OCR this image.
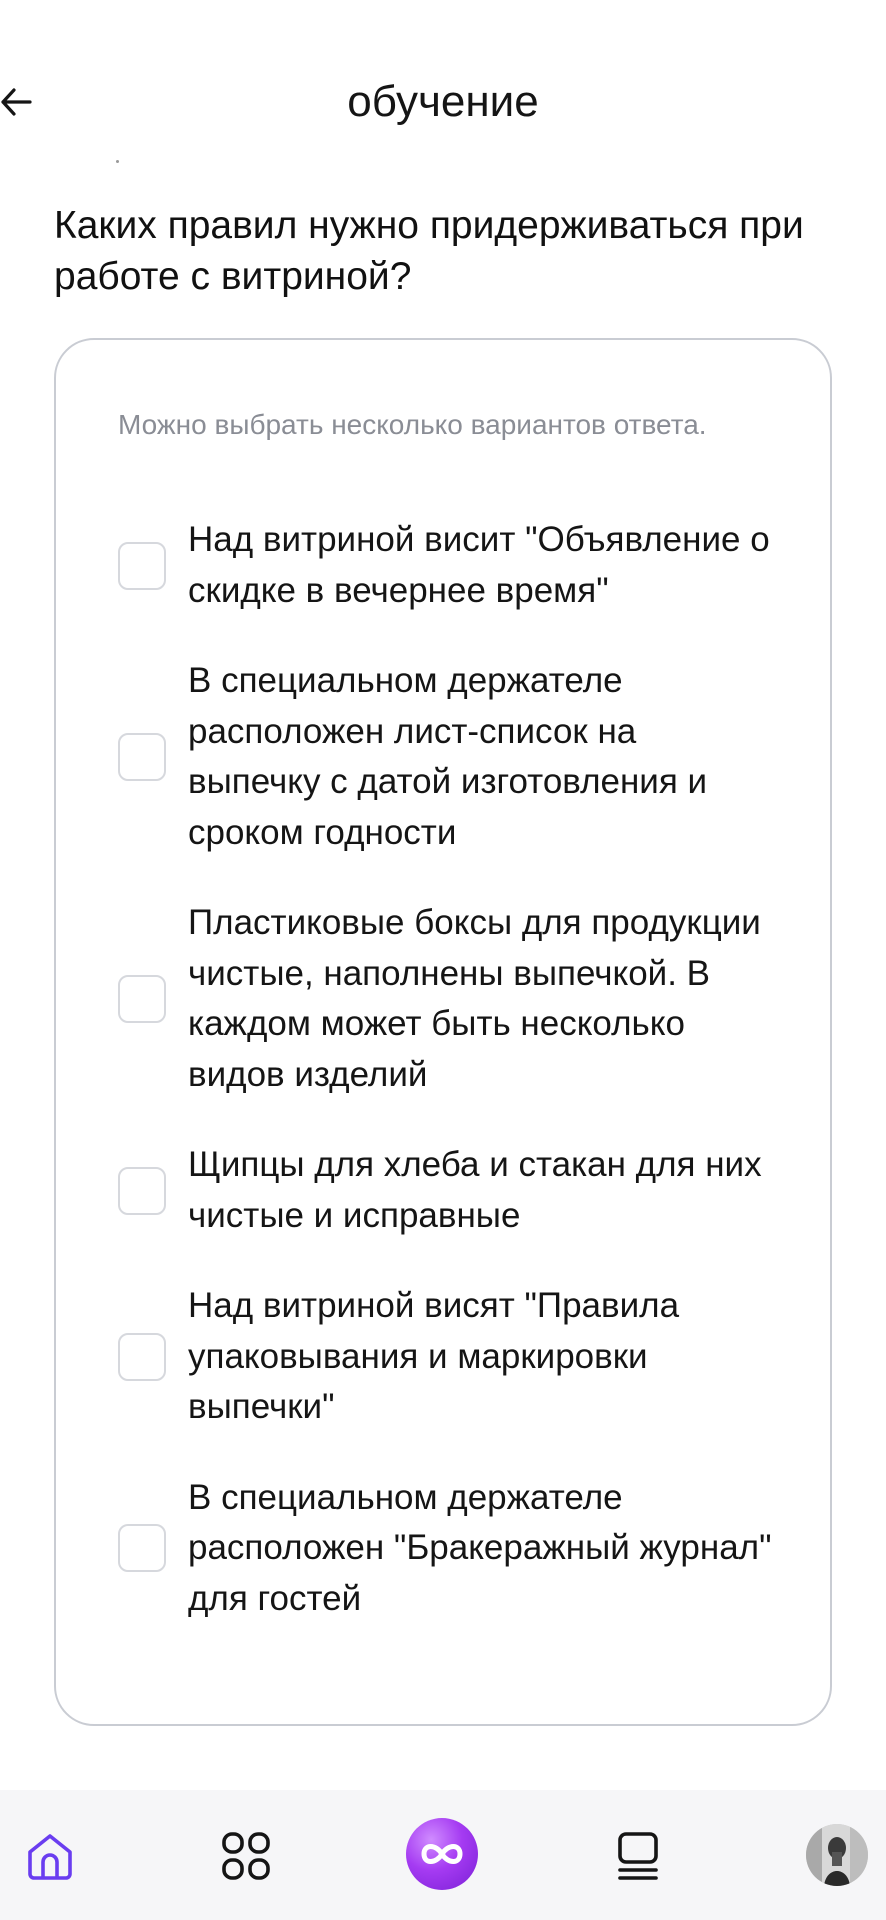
обучение
Каких правил нужно придерживаться при работе с витриной?
Можно выбрать несколько вариантов ответа.
Над витриной висит "Объявление о скидке в вечернее время"
В специальном держателе расположен лист-список на выпечку с датой изготовления и сроком годности
Пластиковые боксы для продукции чистые, наполнены выпечкой. В каждом может быть несколько видов изделий
Щипцы для хлеба и стакан для них чистые и исправные
Над витриной висят "Правила упаковывания и маркировки выпечки"
В специальном держателе расположен "Бракеражный журнал" для гостей
